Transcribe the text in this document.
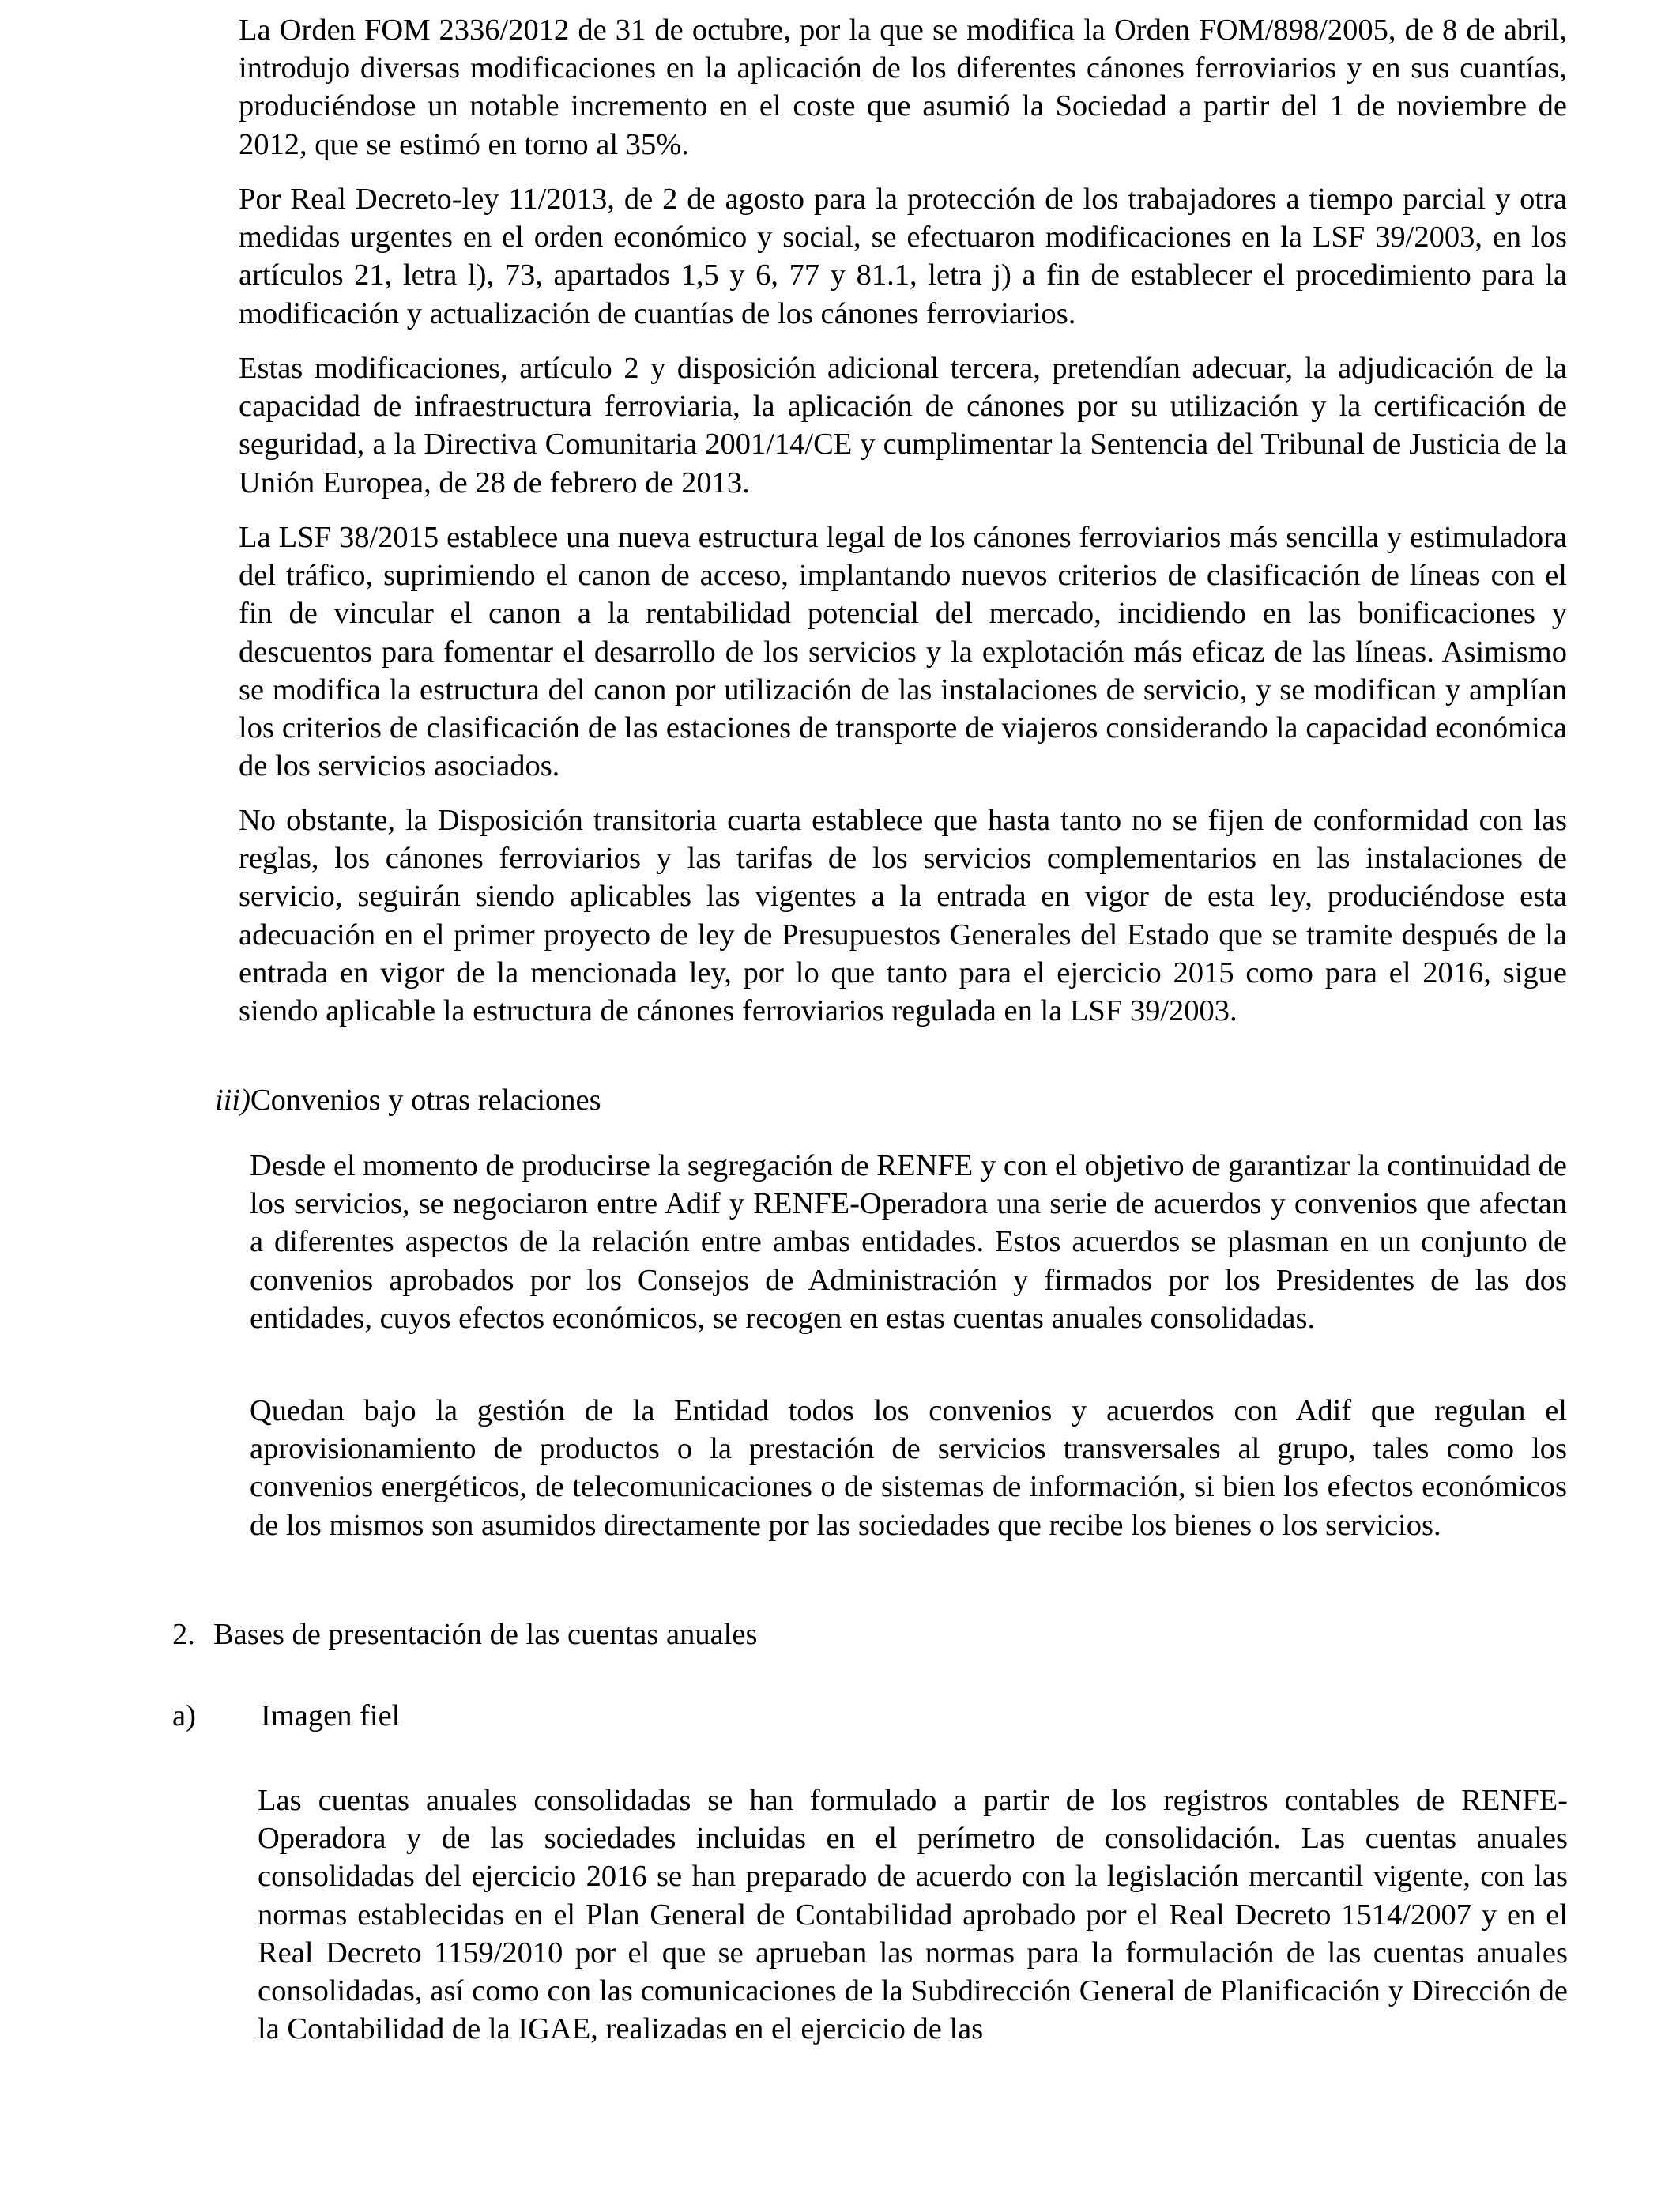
La Orden FOM 2336/2012 de 31 de octubre, por la que se modifica la Orden FOM/898/2005, de 8 de abril, introdujo diversas modificaciones en la aplicación de los diferentes cánones ferroviarios y en sus cuantías, produciéndose un notable incremento en el coste que asumió la Sociedad a partir del 1 de noviembre de 2012, que se estimó en torno al 35%.

Por Real Decreto-ley 11/2013, de 2 de agosto para la protección de los trabajadores a tiempo parcial y otra medidas urgentes en el orden económico y social, se efectuaron modificaciones en la LSF 39/2003, en los artículos 21, letra l), 73, apartados 1,5 y 6, 77 y 81.1, letra j) a fin de establecer el procedimiento para la modificación y actualización de cuantías de los cánones ferroviarios.

Estas modificaciones, artículo 2 y disposición adicional tercera, pretendían adecuar, la adjudicación de la capacidad de infraestructura ferroviaria, la aplicación de cánones por su utilización y la certificación de seguridad, a la Directiva Comunitaria 2001/14/CE y cumplimentar la Sentencia del Tribunal de Justicia de la Unión Europea, de 28 de febrero de 2013.

La LSF 38/2015 establece una nueva estructura legal de los cánones ferroviarios más sencilla y estimuladora del tráfico, suprimiendo el canon de acceso, implantando nuevos criterios de clasificación de líneas con el fin de vincular el canon a la rentabilidad potencial del mercado, incidiendo en las bonificaciones y descuentos para fomentar el desarrollo de los servicios y la explotación más eficaz de las líneas. Asimismo se modifica la estructura del canon por utilización de las instalaciones de servicio, y se modifican y amplían los criterios de clasificación de las estaciones de transporte de viajeros considerando la capacidad económica de los servicios asociados.

No obstante, la Disposición transitoria cuarta establece que hasta tanto no se fijen de conformidad con las reglas, los cánones ferroviarios y las tarifas de los servicios complementarios en las instalaciones de servicio, seguirán siendo aplicables las vigentes a la entrada en vigor de esta ley, produciéndose esta adecuación en el primer proyecto de ley de Presupuestos Generales del Estado que se tramite después de la entrada en vigor de la mencionada ley, por lo que tanto para el ejercicio 2015 como para el 2016, sigue siendo aplicable la estructura de cánones ferroviarios regulada en la LSF 39/2003.

iii)Convenios y otras relaciones

Desde el momento de producirse la segregación de RENFE y con el objetivo de garantizar la continuidad de los servicios, se negociaron entre Adif y RENFE-Operadora una serie de acuerdos y convenios que afectan a diferentes aspectos de la relación entre ambas entidades. Estos acuerdos se plasman en un conjunto de convenios aprobados por los Consejos de Administración y firmados por los Presidentes de las dos entidades, cuyos efectos económicos, se recogen en estas cuentas anuales consolidadas.

Quedan bajo la gestión de la Entidad todos los convenios y acuerdos con Adif que regulan el aprovisionamiento de productos o la prestación de servicios transversales al grupo, tales como los convenios energéticos, de telecomunicaciones o de sistemas de información, si bien los efectos económicos de los mismos son asumidos directamente por las sociedades que recibe los bienes o los servicios.

2. Bases de presentación de las cuentas anuales
a) Imagen fiel

Las cuentas anuales consolidadas se han formulado a partir de los registros contables de RENFE-Operadora y de las sociedades incluidas en el perímetro de consolidación. Las cuentas anuales consolidadas del ejercicio 2016 se han preparado de acuerdo con la legislación mercantil vigente, con las normas establecidas en el Plan General de Contabilidad aprobado por el Real Decreto 1514/2007 y en el Real Decreto 1159/2010 por el que se aprueban las normas para la formulación de las cuentas anuales consolidadas, así como con las comunicaciones de la Subdirección General de Planificación y Dirección de la Contabilidad de la IGAE, realizadas en el ejercicio de las
